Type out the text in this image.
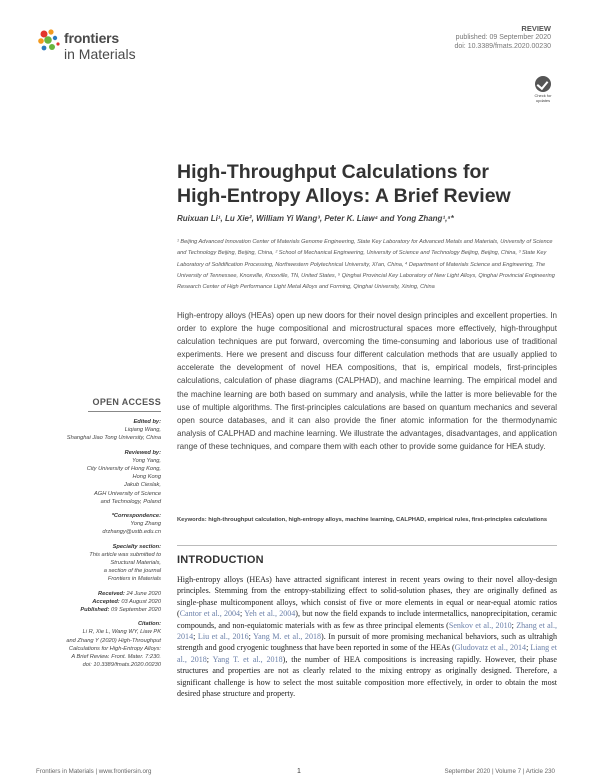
frontiers
in Materials
REVIEW
published: 09 September 2020
doi: 10.3389/fmats.2020.00230
Check for updates
High-Throughput Calculations for
High-Entropy Alloys: A Brief Review
Ruixuan Li¹, Lu Xie², William Yi Wang³, Peter K. Liaw⁴ and Yong Zhang¹,⁵*
¹ Beijing Advanced Innovation Center of Materials Genome Engineering, State Key Laboratory for Advanced Metals and Materials, University of Science and Technology Beijing, Beijing, China, ² School of Mechanical Engineering, University of Science and Technology Beijing, Beijing, China, ³ State Key Laboratory of Solidification Processing, Northwestern Polytechnical University, Xi'an, China, ⁴ Department of Materials Science and Engineering, The University of Tennessee, Knoxville, Knoxville, TN, United States, ⁵ Qinghai Provincial Key Laboratory of New Light Alloys, Qinghai Provincial Engineering Research Center of High Performance Light Metal Alloys and Forming, Qinghai University, Xining, China
High-entropy alloys (HEAs) open up new doors for their novel design principles and excellent properties. In order to explore the huge compositional and microstructural spaces more effectively, high-throughput calculation techniques are put forward, overcoming the time-consuming and laborious use of traditional experiments. Here we present and discuss four different calculation methods that are usually applied to accelerate the development of novel HEA compositions, that is, empirical models, first-principles calculations, calculation of phase diagrams (CALPHAD), and machine learning. The empirical model and the machine learning are both based on summary and analysis, while the latter is more believable for the use of multiple algorithms. The first-principles calculations are based on quantum mechanics and several open source databases, and it can also provide the finer atomic information for the thermodynamic analysis of CALPHAD and machine learning. We illustrate the advantages, disadvantages, and application range of these techniques, and compare them with each other to provide some guidance for HEA study.
Keywords: high-throughput calculation, high-entropy alloys, machine learning, CALPHAD, empirical rules, first-principles calculations
INTRODUCTION
High-entropy alloys (HEAs) have attracted significant interest in recent years owing to their novel alloy-design principles. Stemming from the entropy-stabilizing effect to solid-solution phases, they are originally defined as single-phase multicomponent alloys, which consist of five or more elements in equal or near-equal atomic ratios (Cantor et al., 2004; Yeh et al., 2004), but now the field expands to include intermetallics, nanoprecipitation, ceramic compounds, and non-equiatomic materials with as few as three principal elements (Senkov et al., 2010; Zhang et al., 2014; Liu et al., 2016; Yang M. et al., 2018). In pursuit of more promising mechanical behaviors, such as ultrahigh strength and good cryogenic toughness that have been reported in some of the HEAs (Gludovatz et al., 2014; Liang et al., 2018; Yang T. et al., 2018), the number of HEA compositions is increasing rapidly. However, their phase structures and properties are not as clearly related to the mixing entropy as originally designed. Therefore, a significant challenge is how to select the most suitable composition more effectively, in order to obtain the most desired phase structure and property.
OPEN ACCESS
Edited by:
Liqiang Wang,
Shanghai Jiao Tong University, China
Reviewed by:
Yong Yang,
City University of Hong Kong,
Hong Kong
Jakub Cieslak,
AGH University of Science
and Technology, Poland
*Correspondence:
Yong Zhang
drzhangy@ustb.edu.cn
Specialty section:
This article was submitted to
Structural Materials,
a section of the journal
Frontiers in Materials
Received: 24 June 2020
Accepted: 03 August 2020
Published: 09 September 2020
Citation:
Li R, Xie L, Wang WY, Liaw PK
and Zhang Y (2020) High-Throughput
Calculations for High-Entropy Alloys:
A Brief Review. Front. Mater. 7:230.
doi: 10.3389/fmats.2020.00230
Frontiers in Materials | www.frontiersin.org	1	September 2020 | Volume 7 | Article 230
